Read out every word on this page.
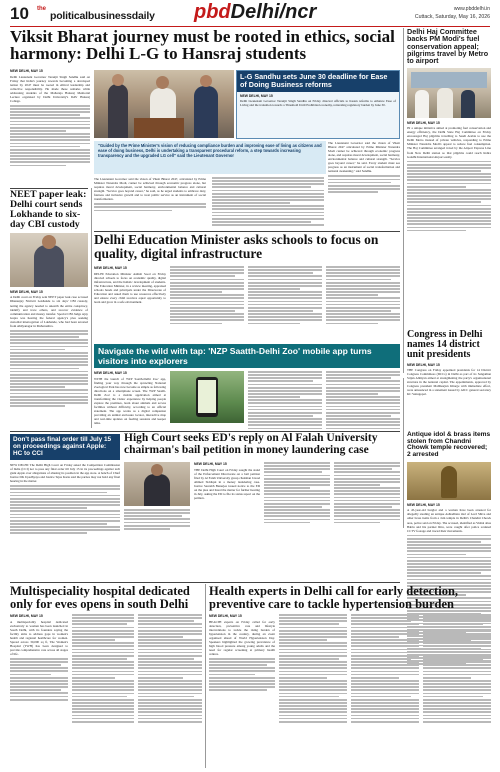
10 $^{the}$ politicalbusinessdaily pbdDelhi/ncr	www.pbddelhi.in
Cuttack, Saturday, May 16, 2026
Viksit Bharat journey must be rooted in ethics, social harmony: Delhi L-G to Hansraj students
NEW DELHI, MAY 15
Delhi Lieutenant Governor Taranjit Singh Sandhu said on Friday that India's journey towards becoming a developed nation by 2047 must be rooted in ethical leadership and collective responsibility. He made these remarks while addressing students of the Maharaja Hansraj Memorial Lecture organised by Delhi University's DAV Hansraj College.
"Guided by the Prime Minister's vision of reducing compliance burden and improving ease of living as citizens and ease of doing business, Delhi is undertaking a transparent procedural reform, a step towards increasing transparency and the upgraded LG cell" said the Lieutenant Governor
The Lieutenant Governor said the vision of Viksit Bharat 2047, articulated by Prime Minister Narendra Modi, cannot be achieved through economic progress alone, but requires moral development, social harmony, environmental balance and cultural strength. "Service goes beyond career," he said, as he urged students to embrace duty, fairness and inclusive growth and to treat public service as an instrument of social transformation.
L-G Sandhu sets June 30 deadline for Ease of Doing Business reforms
NEW DELHI, MAY 15
Delhi Lieutenant Governor Taranjit Singh Sandhu on Friday directed officials to hasten reforms to enhance Ease of Living and the transition towards a Threshold Until Prohibited economy, reiterating regulatory burden by June 30.
The Lieutenant Governor said the vision of Viksit Bharat 2047 articulated by Prime Minister Narendra Modi cannot be achieved through economic progress alone, and requires moral development, social harmony, environmental balance and cultural strength. "Service goes beyond career," he said. Every student must see progress as an instrument of social transformation and national awakening," said Sandhu.
Delhi Haj Committee backs PM Modi's fuel conservation appeal; pilgrims travel by Metro to airport
NEW DELHI, MAY 15
IN a unique initiative aimed at promoting fuel conservation and energy efficiency, the Delhi State Haj Committee on Friday encouraged Haj pilgrims travelling to Saudi Arabia to use the Delhi Metro instead of private vehicles, responding to Prime Minister Narendra Modi's appeal to reduce fuel consumption. The Haj Committee arranged travel by the Airport Express Line from New Delhi station so that pilgrims could reach Indira Gandhi International Airport easily.
NEET paper leak: Delhi court sends Lokhande to six-day CBI custody
NEW DELHI, MAY 15
A Delhi court on Friday sent NEET paper leak case accused Dhananjay Nivrutti Lokhande to six days' CBI custody, noting the agency needed to unearth the entire conspiracy, identify and trace others, and recover evidence of communication and money transfer. Special CBI Judge Ajay Gupta was hearing the federal agency's plea seeking custodial interrogation of Lokhande, who had been arrested from Ahilyanagar in Maharashtra.
Delhi Education Minister asks schools to focus on quality, digital infrastructure
NEW DELHI, MAY 15
DELHI Education Minister Ashish Sood on Friday directed schools to focus on academic quality, digital infrastructure, and the holistic development of students. The Education Minister, in a review meeting, appraised schools heads and principals under the Directorate of Education and asked them to use resources effectively and ensure every child receives equal opportunity to learn and grow in a safe environment.
Navigate the wild with tap: 'NZP Saatth-Delhi Zoo' mobile app turns visitors into explorers
NEW DELHI, MAY 15
WITH the launch of 'NZP Saatth-Delhi Zoo' app, finding your way through the sprawling National Zoological Park has now become as simple as following directions on a smartphone screen. The 'NZP Saatth-Delhi Zoo' is a mobile application aimed at transforming the visitor experience by helping people explore the premises, learn about animals and access facilities without difficulty, according to an official statement. The app works as a digital companion providing an animal enclosure locator, interactive map and real-time updates on feeding sessions and keeper talks.
Don't pass final order till July 15 on proceedings against Apple: HC to CCI
High Court seeks ED's reply on Al Falah University chairman's bail petition in money laundering case
NEW DELHI: The Delhi High Court on Friday asked the Competition Commission of India (CCI) not to pass any final order till July 15 in its proceedings against tech giant Apple over allegations of abusing its position in the app store. A bench of Chief Justice DK Upadhyaya and Justice Tejas Karia said the parties may not hold any final hearing in the matter.
NEW DELHI, MAY 15
THE Delhi High Court on Friday sought the stand of the Enforcement Directorate on a bail petition filed by Al Falah University group chairman Jawad Ahmed Siddiqui in a money laundering case. Justice Saurabh Banerjee issued notice to the ED on the plea and listed the matter for further hearing in July, asking the ED to file its status report on the petition.
Antique idol & brass items stolen from Chandni Chowk temple recovered; 2 arrested
NEW DELHI, MAY 15
A 45-year-old burglar and a woman have been arrested for allegedly stealing an antique Ashtadhatu idol of Lord Shiva and other brass items from a Jain temple in Delhi's Chandni Chowk area, police said on Friday. The accused, identified as Vishal alias Bablu and his partner Ritu, were caught after police scanned CCTV footage and traced their movements.
Multispeciality hospital dedicated only for eves opens in south Delhi
NEW DELHI, MAY 15
A multispeciality hospital dedicated exclusively to women has been launched in South Delhi, with its founders saying the facility aims to address gaps in women's health and regional healthcare for women. Spread across 30,000 sq ft, The Women's Hospital (TWH) has been designed to provide comprehensive care across all stages of life.
Health experts in Delhi call for early detection, preventive care to tackle hypertension burden
NEW DELHI, MAY 15
HEALTH experts on Friday called for early detection, preventive care and lifestyle interventions to tackle the rising burden of hypertension in the country, during an event organised ahead of World Hypertension Day. Speakers highlighted the growing prevalence of high blood pressure among young adults and the need for regular screening at primary health centres.
Congress in Delhi names 14 district unit presidents
NEW DELHI, MAY 15
THE Congress on Friday appointed presidents for 14 District Congress Committees (DCCs) in Delhi as part of its Sangathan Srijan Abhiyan aimed at strengthening the party's organisational structure in the national capital. The appointments, approved by Congress president Mallikarjun Kharge with immediate effect, were announced in a statement issued by AICC general secretary KC Venugopal.
